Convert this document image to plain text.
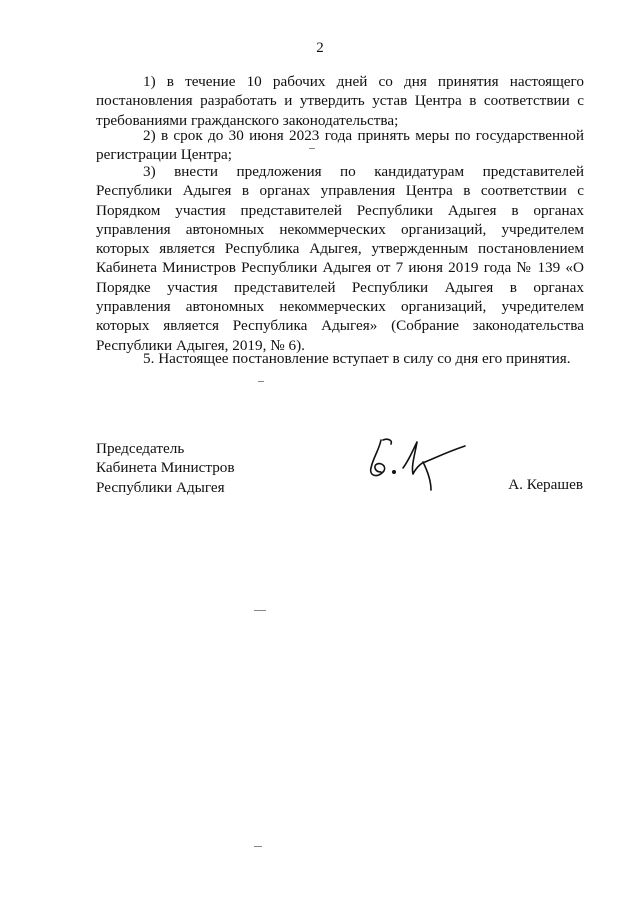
2

1) в течение 10 рабочих дней со дня принятия настоящего постановления разработать и утвердить устав Центра в соответствии с требованиями гражданского законодательства;

2) в срок до 30 июня 2023 года принять меры по государственной регистрации Центра;

3) внести предложения по кандидатурам представителей Республики Адыгея в органах управления Центра в соответствии с Порядком участия представителей Республики Адыгея в органах управления автономных некоммерческих организаций, учредителем которых является Республика Адыгея, утвержденным постановлением Кабинета Министров Республики Адыгея от 7 июня 2019 года № 139 «О Порядке участия представителей Республики Адыгея в органах управления автономных некоммерческих организаций, учредителем которых является Республика Адыгея» (Собрание законодательства Республики Адыгея, 2019, № 6).

5. Настоящее постановление вступает в силу со дня его принятия.

Председатель
Кабинета Министров
Республики Адыгея	А. Керашев
